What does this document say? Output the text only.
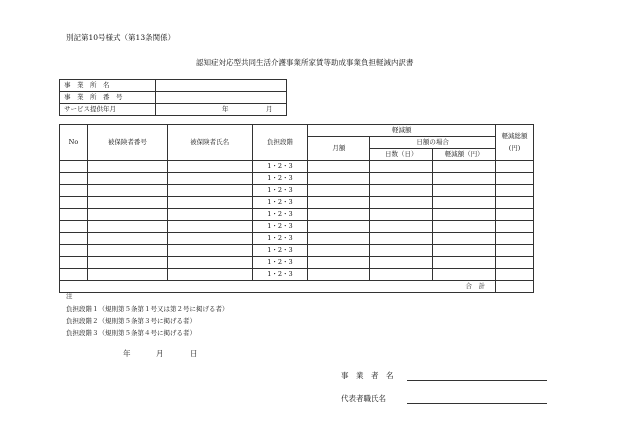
別記第10号様式（第13条関係）
認知症対応型共同生活介護事業所家賃等助成事業負担軽減内訳書
事　業　所　名	
事　業　所　番　号	
サービス提供年月	年 月
No	被保険者番号	被保険者氏名	負担段階	軽減額			軽減総額
(円)
				月額	日額の場合		
					日数（日）	軽減額（円）	
			1・2・3				
			1・2・3				
			1・2・3				
			1・2・3				
			1・2・3				
			1・2・3				
			1・2・3				
			1・2・3				
			1・2・3				
			1・2・3				
合　計							
注
負担段階１（規則第５条第１号又は第２号に掲げる者）
負担段階２（規則第５条第３号に掲げる者）
負担段階３（規則第５条第４号に掲げる者）
年	月	日
事　業　者　名
代表者職氏名
